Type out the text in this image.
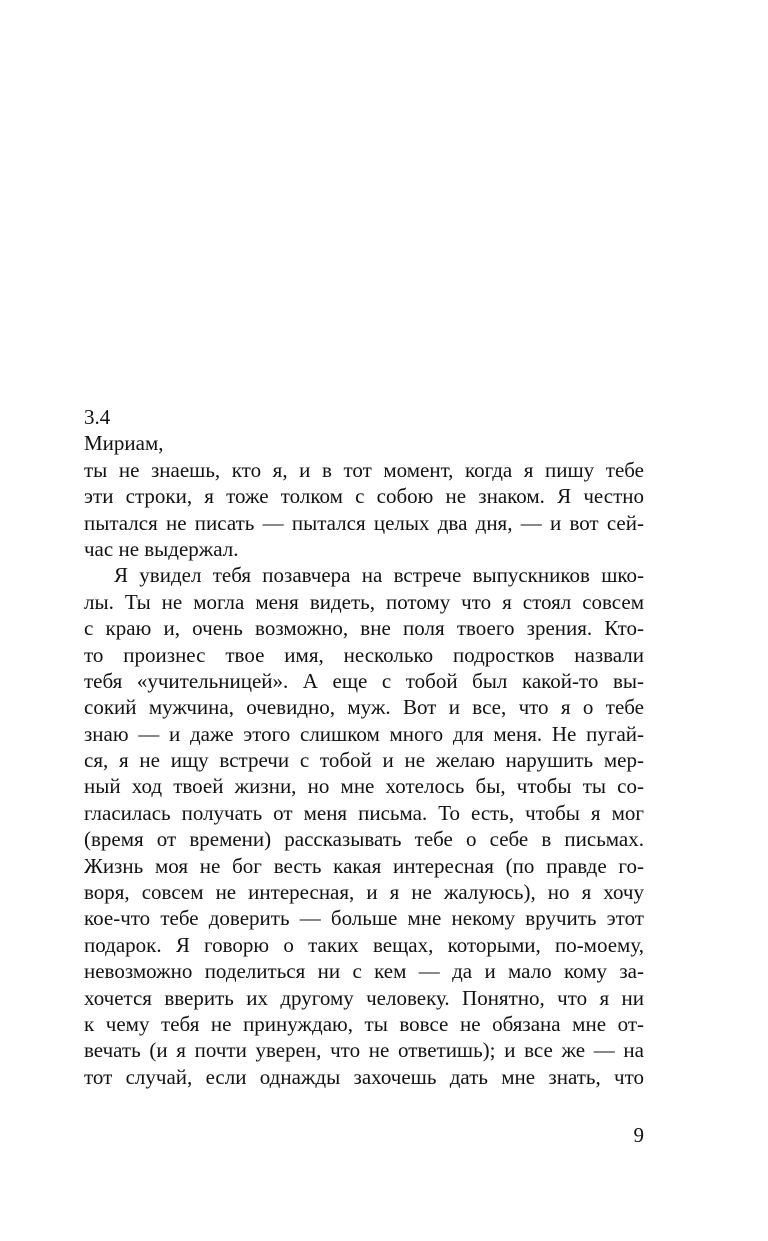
3.4
Мириам,
ты не знаешь, кто я, и в тот момент, когда я пишу тебе
эти строки, я тоже толком с собою не знаком. Я честно
пытался не писать — пытался целых два дня, — и вот сей-
час не выдержал.
Я увидел тебя позавчера на встрече выпускников шко-
лы. Ты не могла меня видеть, потому что я стоял совсем
с краю и, очень возможно, вне поля твоего зрения. Кто-
то произнес твое имя, несколько подростков назвали
тебя «учительницей». А еще с тобой был какой-то вы-
сокий мужчина, очевидно, муж. Вот и все, что я о тебе
знаю — и даже этого слишком много для меня. Не пугай-
ся, я не ищу встречи с тобой и не желаю нарушить мер-
ный ход твоей жизни, но мне хотелось бы, чтобы ты со-
гласилась получать от меня письма. То есть, чтобы я мог
(время от времени) рассказывать тебе о себе в письмах.
Жизнь моя не бог весть какая интересная (по правде го-
воря, совсем не интересная, и я не жалуюсь), но я хочу
кое-что тебе доверить — больше мне некому вручить этот
подарок. Я говорю о таких вещах, которыми, по-моему,
невозможно поделиться ни с кем — да и мало кому за-
хочется вверить их другому человеку. Понятно, что я ни
к чему тебя не принуждаю, ты вовсе не обязана мне от-
вечать (и я почти уверен, что не ответишь); и все же — на
тот случай, если однажды захочешь дать мне знать, что
9
